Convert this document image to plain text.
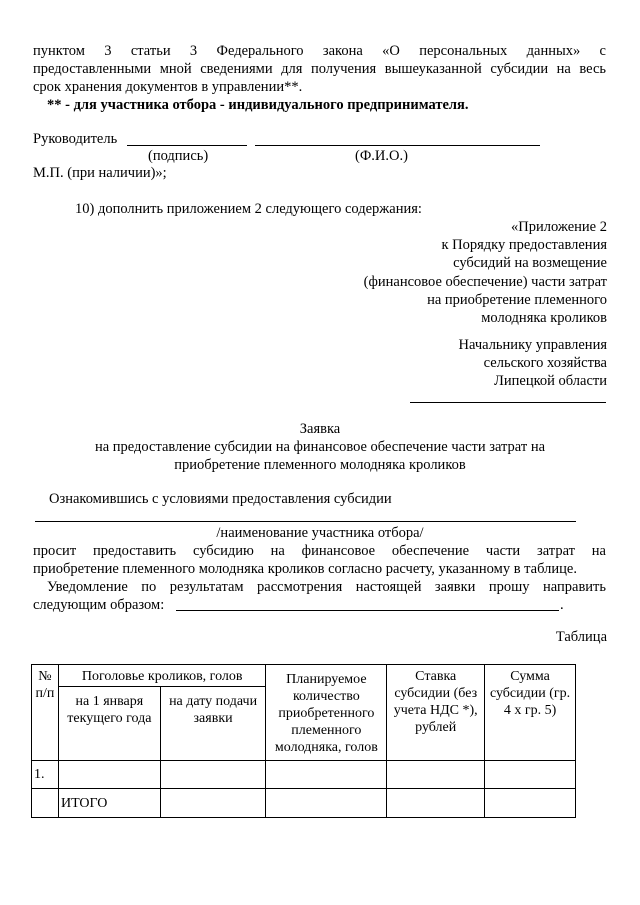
пунктом 3 статьи 3 Федерального закона «О персональных данных» с
предоставленными мной сведениями для получения вышеуказанной субсидии на весь
срок хранения документов в управлении**.
** - для участника отбора - индивидуального предпринимателя.
Руководитель
(подпись)	(Ф.И.О.)
М.П. (при наличии)»;
10) дополнить приложением 2 следующего содержания:
«Приложение 2
к Порядку предоставления
субсидий на возмещение
(финансовое обеспечение) части затрат
на приобретение племенного
молодняка кроликов
Начальнику управления
сельского хозяйства
Липецкой области
Заявка
на предоставление субсидии на финансовое обеспечение части затрат на
приобретение племенного молодняка кроликов
Ознакомившись с условиями предоставления субсидии
/наименование участника отбора/
просит предоставить субсидию на финансовое обеспечение части затрат на
приобретение племенного молодняка кроликов согласно расчету, указанному в таблице.
Уведомление по результатам рассмотрения настоящей заявки прошу направить
следующим образом:	.
Таблица
№ п/п	Поголовье кроликов, голов		Планируемое количество приобретенного племенного молодняка, голов	Ставка субсидии (без учета НДС *), рублей	Сумма субсидии (гр. 4 х гр. 5)
	на 1 января текущего года	на дату подачи заявки			
1.					
	ИТОГО				
